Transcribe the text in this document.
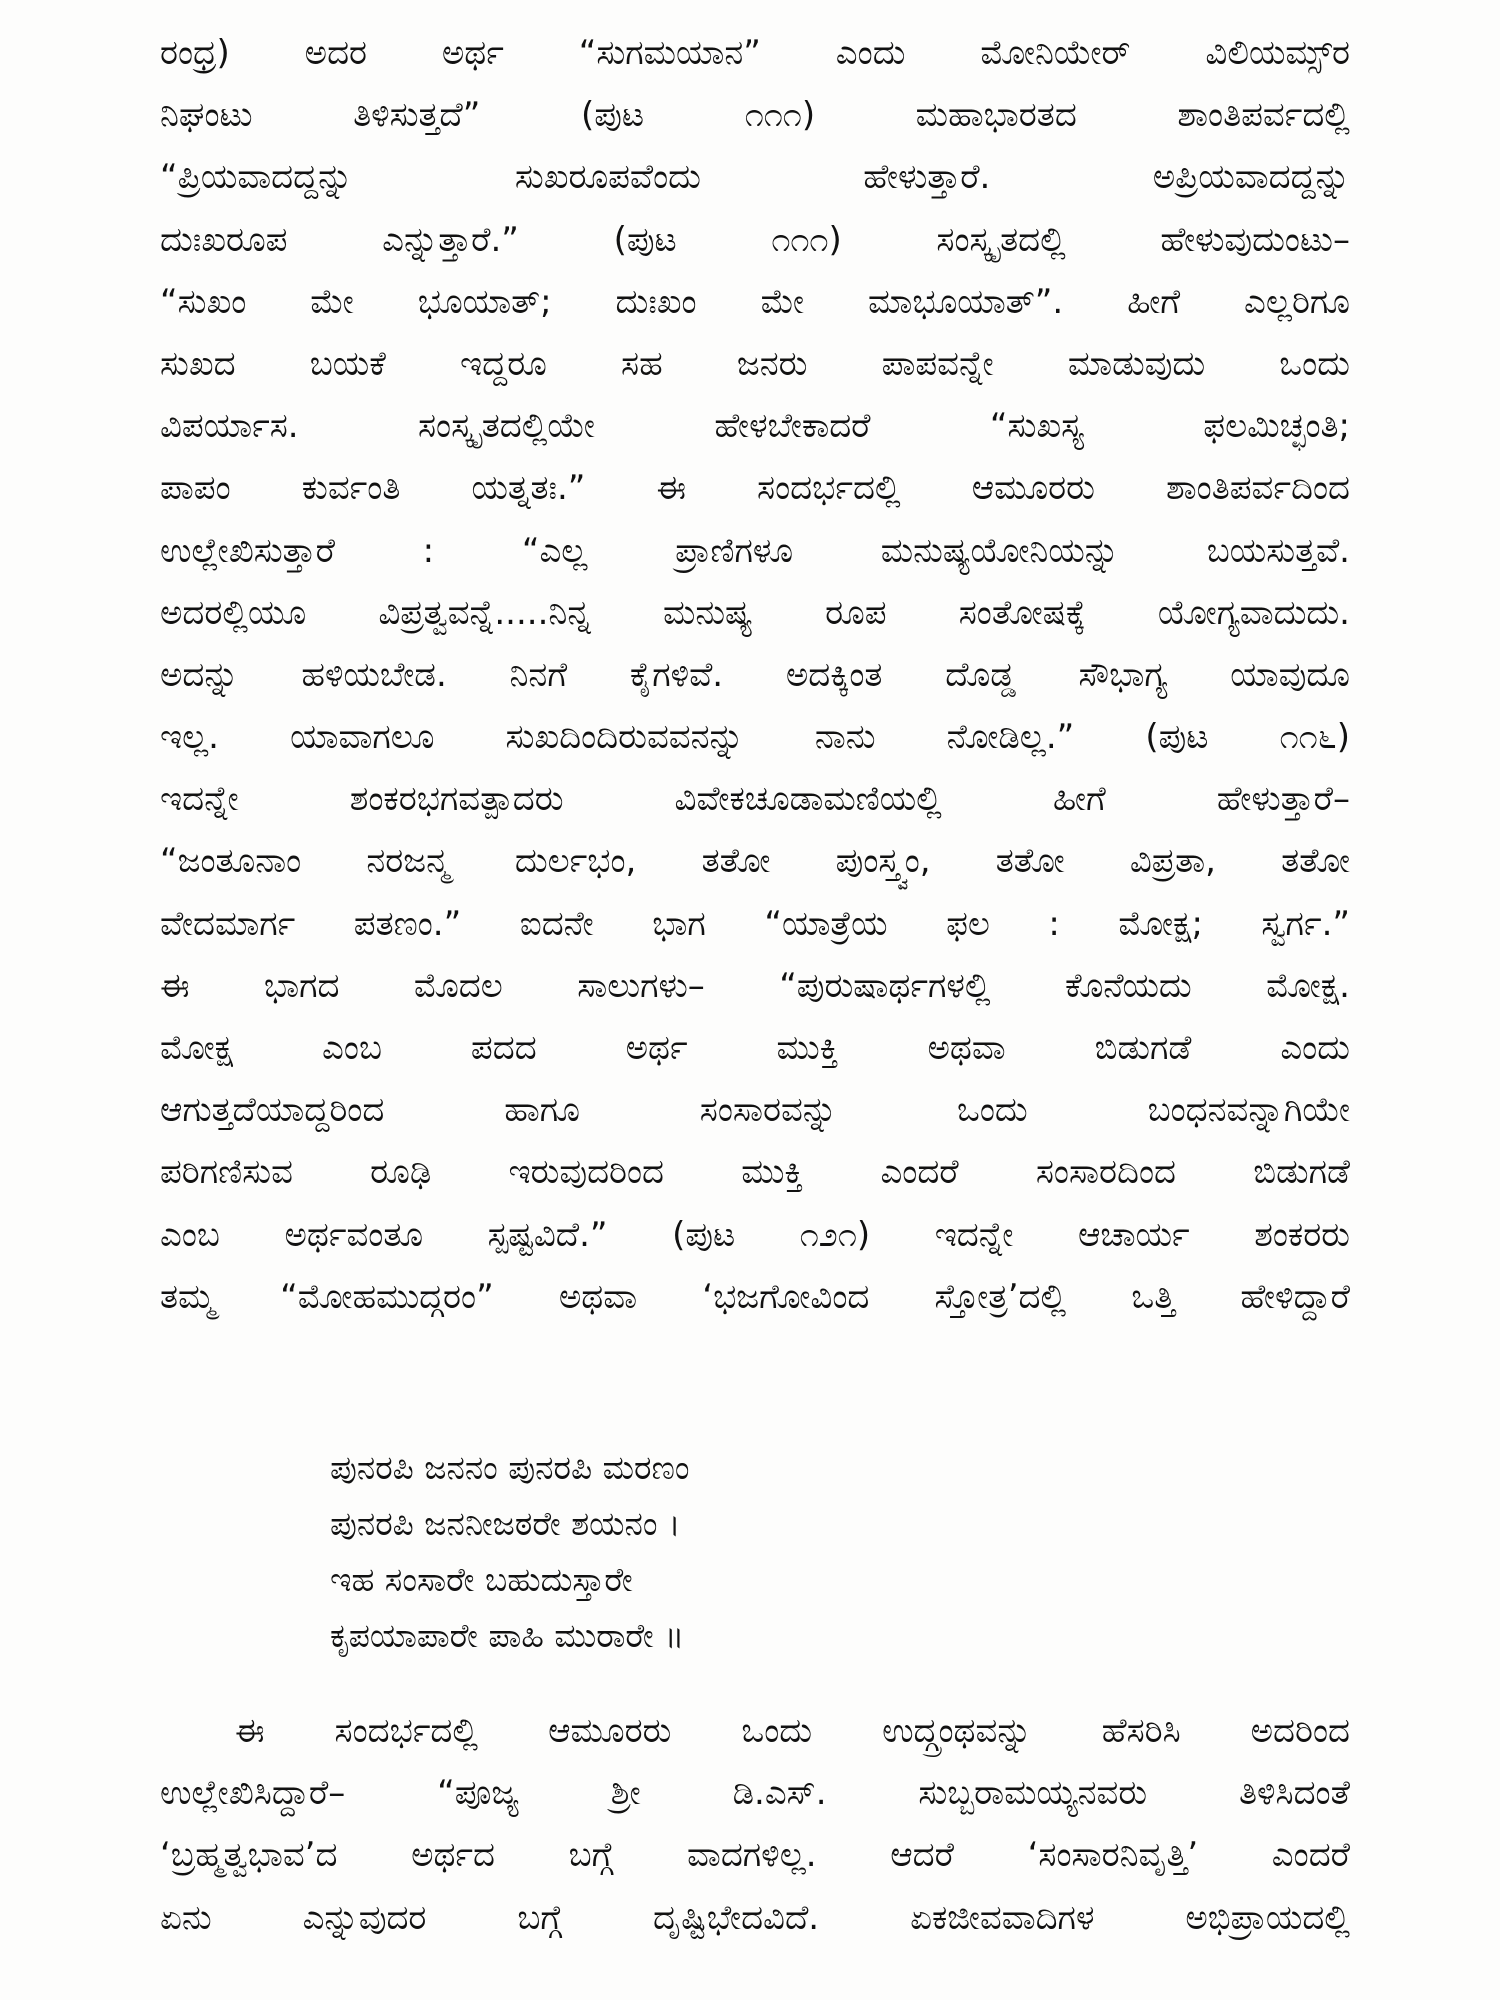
ರಂಧ್ರ) ಅದರ ಅರ್ಥ “ಸುಗಮಯಾನ” ಎಂದು ಮೋನಿಯೇರ್ ವಿಲಿಯಮ್ಸ್‌ರ
ನಿಘಂಟು ತಿಳಿಸುತ್ತದೆ” (ಪುಟ ೧೧೧) ಮಹಾಭಾರತದ ಶಾಂತಿಪರ್ವದಲ್ಲಿ
“ಪ್ರಿಯವಾದದ್ದನ್ನು ಸುಖರೂಪವೆಂದು ಹೇಳುತ್ತಾರೆ. ಅಪ್ರಿಯವಾದದ್ದನ್ನು
ದುಃಖರೂಪ ಎನ್ನುತ್ತಾರೆ.” (ಪುಟ ೧೧೧) ಸಂಸ್ಕೃತದಲ್ಲಿ ಹೇಳುವುದುಂಟು–
“ಸುಖಂ ಮೇ ಭೂಯಾತ್; ದುಃಖಂ ಮೇ ಮಾಭೂಯಾತ್”. ಹೀಗೆ ಎಲ್ಲರಿಗೂ
ಸುಖದ ಬಯಕೆ ಇದ್ದರೂ ಸಹ ಜನರು ಪಾಪವನ್ನೇ ಮಾಡುವುದು ಒಂದು
ವಿಪರ್ಯಾಸ. ಸಂಸ್ಕೃತದಲ್ಲಿಯೇ ಹೇಳಬೇಕಾದರೆ “ಸುಖಸ್ಯ ಫಲಮಿಚ್ಛಂತಿ;
ಪಾಪಂ ಕುರ್ವಂತಿ ಯತ್ನತಃ.” ಈ ಸಂದರ್ಭದಲ್ಲಿ ಆಮೂರರು ಶಾಂತಿಪರ್ವದಿಂದ
ಉಲ್ಲೇಖಿಸುತ್ತಾರೆ : “ಎಲ್ಲ ಪ್ರಾಣಿಗಳೂ ಮನುಷ್ಯಯೋನಿಯನ್ನು ಬಯಸುತ್ತವೆ.
ಅದರಲ್ಲಿಯೂ ವಿಪ್ರತ್ವವನ್ನೆ.....ನಿನ್ನ ಮನುಷ್ಯ ರೂಪ ಸಂತೋಷಕ್ಕೆ ಯೋಗ್ಯವಾದುದು.
ಅದನ್ನು ಹಳಿಯಬೇಡ. ನಿನಗೆ ಕೈಗಳಿವೆ. ಅದಕ್ಕಿಂತ ದೊಡ್ಡ ಸೌಭಾಗ್ಯ ಯಾವುದೂ
ಇಲ್ಲ. ಯಾವಾಗಲೂ ಸುಖದಿಂದಿರುವವನನ್ನು ನಾನು ನೋಡಿಲ್ಲ.” (ಪುಟ ೧೧೬)
ಇದನ್ನೇ ಶಂಕರಭಗವತ್ಪಾದರು ವಿವೇಕಚೂಡಾಮಣಿಯಲ್ಲಿ ಹೀಗೆ ಹೇಳುತ್ತಾರೆ–
“ಜಂತೂನಾಂ ನರಜನ್ಮ ದುರ್ಲಭಂ, ತತೋ ಪುಂಸ್ತ್ವಂ, ತತೋ ವಿಪ್ರತಾ, ತತೋ
ವೇದಮಾರ್ಗ ಪತಣಂ.” ಐದನೇ ಭಾಗ “ಯಾತ್ರೆಯ ಫಲ : ಮೋಕ್ಷ; ಸ್ವರ್ಗ.”
ಈ ಭಾಗದ ಮೊದಲ ಸಾಲುಗಳು– “ಪುರುಷಾರ್ಥಗಳಲ್ಲಿ ಕೊನೆಯದು ಮೋಕ್ಷ.
ಮೋಕ್ಷ ಎಂಬ ಪದದ ಅರ್ಥ ಮುಕ್ತಿ ಅಥವಾ ಬಿಡುಗಡೆ ಎಂದು
ಆಗುತ್ತದೆಯಾದ್ದರಿಂದ ಹಾಗೂ ಸಂಸಾರವನ್ನು ಒಂದು ಬಂಧನವನ್ನಾಗಿಯೇ
ಪರಿಗಣಿಸುವ ರೂಢಿ ಇರುವುದರಿಂದ ಮುಕ್ತಿ ಎಂದರೆ ಸಂಸಾರದಿಂದ ಬಿಡುಗಡೆ
ಎಂಬ ಅರ್ಥವಂತೂ ಸ್ಪಷ್ಟವಿದೆ.” (ಪುಟ ೧೨೧) ಇದನ್ನೇ ಆಚಾರ್ಯ ಶಂಕರರು
ತಮ್ಮ “ಮೋಹಮುದ್ಗರಂ” ಅಥವಾ ‘ಭಜಗೋವಿಂದ ಸ್ತೋತ್ರ’ದಲ್ಲಿ ಒತ್ತಿ ಹೇಳಿದ್ದಾರೆ
ಪುನರಪಿ ಜನನಂ ಪುನರಪಿ ಮರಣಂ
ಪುನರಪಿ ಜನನೀಜಠರೇ ಶಯನಂ ।
ಇಹ ಸಂಸಾರೇ ಬಹುದುಸ್ತಾರೇ
ಕೃಪಯಾಪಾರೇ ಪಾಹಿ ಮುರಾರೇ ॥
ಈ ಸಂದರ್ಭದಲ್ಲಿ ಆಮೂರರು ಒಂದು ಉದ್ಗ್ರಂಥವನ್ನು ಹೆಸರಿಸಿ ಅದರಿಂದ
ಉಲ್ಲೇಖಿಸಿದ್ದಾರೆ– “ಪೂಜ್ಯ ಶ್ರೀ ಡಿ.ಎಸ್. ಸುಬ್ಬರಾಮಯ್ಯನವರು ತಿಳಿಸಿದಂತೆ
‘ಬ್ರಹ್ಮತ್ವಭಾವ’ದ ಅರ್ಥದ ಬಗ್ಗೆ ವಾದಗಳಿಲ್ಲ. ಆದರೆ ‘ಸಂಸಾರನಿವೃತ್ತಿ’ ಎಂದರೆ
ಏನು ಎನ್ನುವುದರ ಬಗ್ಗೆ ದೃಷ್ಟಿಭೇದವಿದೆ. ಏಕಜೀವವಾದಿಗಳ ಅಭಿಪ್ರಾಯದಲ್ಲಿ
